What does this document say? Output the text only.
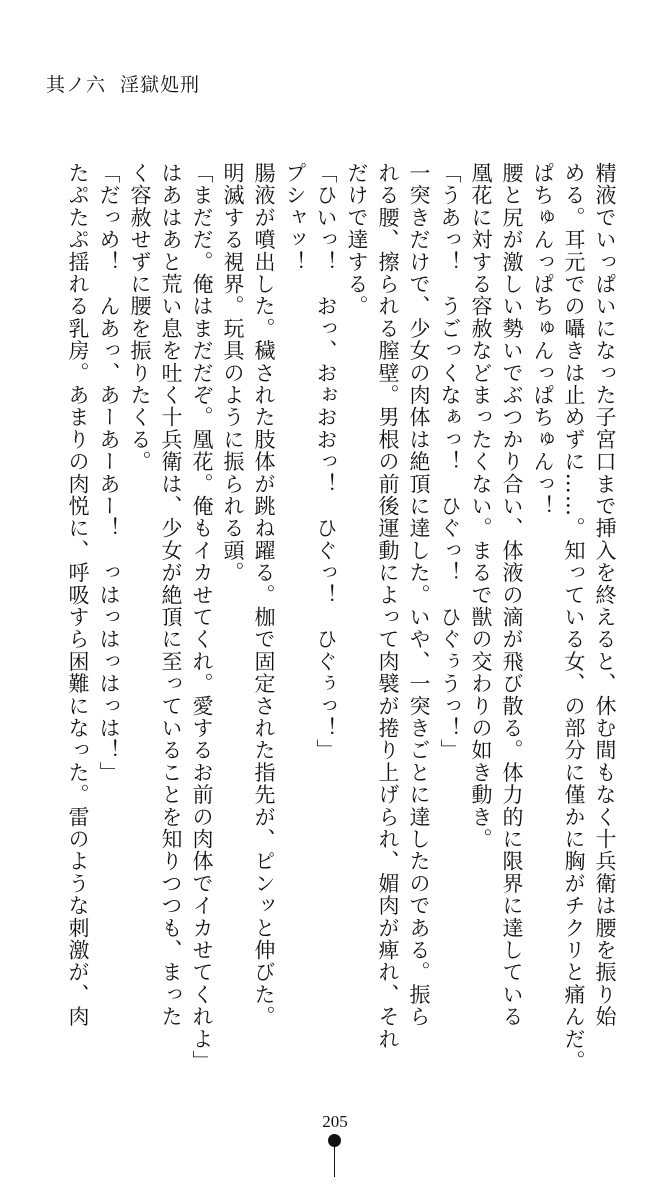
其ノ六 淫獄処刑

精液でいっぱいになった子宮口まで挿入を終えると、休む間もなく十兵衛は腰を振り始

める。耳元での囁きは止めずに……。知っている女、の部分に僅かに胸がチクリと痛んだ。

ぱちゅんっぱちゅんっぱちゅんっ！

腰と尻が激しい勢いでぶつかり合い、体液の滴が飛び散る。体力的に限界に達している

凰花に対する容赦などまったくない。まるで獣の交わりの如き動き。

「うあっ！　うごっくなぁっ！　ひぐっ！　ひぐぅうっ！」

一突きだけで、少女の肉体は絶頂に達した。いや、一突きごとに達したのである。振ら

れる腰、擦られる膣壁。男根の前後運動によって肉襞が捲り上げられ、媚肉が痺れ、それ

だけで達する。

「ひいっ！　おっ、おぉおおっ！　ひぐっ！　ひぐぅっ！」

プシャッ！

腸液が噴出した。穢された肢体が跳ね躍る。枷で固定された指先が、ピンッと伸びた。

明滅する視界。玩具のように振られる頭。

「まだだ。俺はまだだぞ。凰花。俺もイカせてくれ。愛するお前の肉体でイカせてくれよ」

はあはあと荒い息を吐く十兵衛は、少女が絶頂に至っていることを知りつつも、まった

く容赦せずに腰を振りたくる。

「だっめ！　んあっ、あーあーあー！　っはっはっはっは！」

たぷたぷ揺れる乳房。あまりの肉悦に、呼吸すら困難になった。雷のような刺激が、肉

205
